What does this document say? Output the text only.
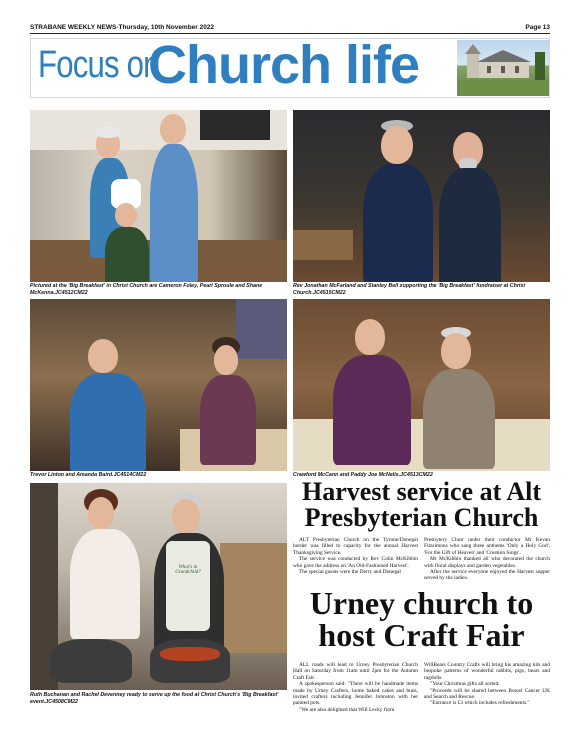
STRABANE WEEKLY NEWS-Thursday, 10th November 2022	Page 13
Focus on
Church life
Pictured at the 'Big Breakfast' in Christ Church are Cameron Foley, Pearl Sproule and Shane McKenna.JC4512CM22
Rev Jonathan McFarland and Stanley Bell supporting the 'Big Breakfast' fundraiser at Christ Church.JC4515CM22
Trevor Linton and Amanda Baird.JC4514CM22	Crawford McCann and Paddy Joe McNelis.JC4513CM22
What's in Grandchild?
Ruth Buchanan and Rachel Devenney ready to serve up the food at Christ Church's 'Big Breakfast' event.JC4508CM22
Harvest service at Alt Presbyterian Church

ALT Presbyterian Church on the Tyrone/Donegal border was filled to capacity for the annual Harvest Thanksgiving Service.

The service was conducted by Rev Colin McKibbin who gave the address on 'An Old-Fashioned Harvest'.

The special guests were the Derry and Donegal

Presbytery Choir under their conductor Mr Kevan Fitzsimons who sang three anthems 'Only a Holy God', 'For the Gift of Heaven' and 'Creation Sings'.

Mr McKibbin thanked all who decorated the church with floral displays and garden vegetables.

After the service everyone enjoyed the Harvest supper served by the ladies.

Urney church to host Craft Fair

ALL roads will lead to Urney Presbyterian Church Hall on Saturday from 11am until 2pm for the Autumn Craft Fair.

A spokesperson said: "There will be handmade items made by Urney Crafters, home baked cakes and buns, invited crafters including Jennifer Johnston with her painted pots.

"We are also delighted that Will Lecky from

WillBears Country Crafts will bring his amazing kits and bespoke patterns of wonderful rabbits, pigs, bears and ragdolls.

"Your Christmas gifts all sorted.

"Proceeds will be shared between Bowel Cancer UK and Search and Rescue.

"Entrance is £3 which includes refreshments."
